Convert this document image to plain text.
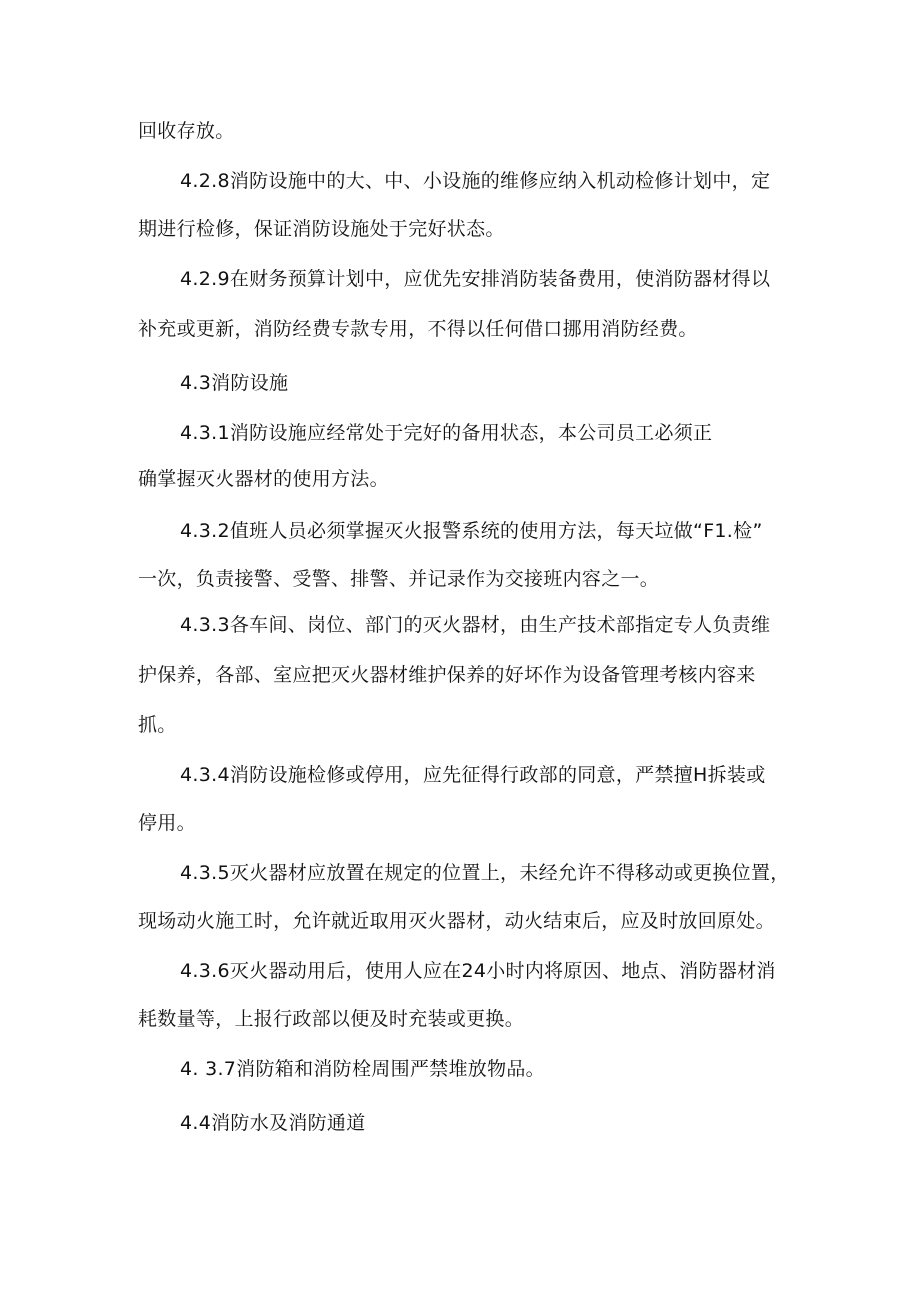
回收存放。
4.2.8消防设施中的大、中、小设施的维修应纳入机动检修计划中，定
期进行检修，保证消防设施处于完好状态。
4.2.9在财务预算计划中，应优先安排消防装备费用，使消防器材得以
补充或更新，消防经费专款专用，不得以任何借口挪用消防经费。
4.3消防设施
4.3.1消防设施应经常处于完好的备用状态，本公司员工必须正
确掌握灭火器材的使用方法。
4.3.2值班人员必须掌握灭火报警系统的使用方法，每天垃做“F1.检”
一次，负责接警、受警、排警、并记录作为交接班内容之一。
4.3.3各车间、岗位、部门的灭火器材，由生产技术部指定专人负责维
护保养，各部、室应把灭火器材维护保养的好坏作为设备管理考核内容来
抓。
4.3.4消防设施检修或停用，应先征得行政部的同意，严禁擅H拆装或
停用。
4.3.5灭火器材应放置在规定的位置上，未经允许不得移动或更换位置，
现场动火施工时，允许就近取用灭火器材，动火结束后，应及时放回原处。
4.3.6灭火器动用后，使用人应在24小时内将原因、地点、消防器材消
耗数量等，上报行政部以便及时充装或更换。
4. 3.7消防箱和消防栓周围严禁堆放物品。
4.4消防水及消防通道
